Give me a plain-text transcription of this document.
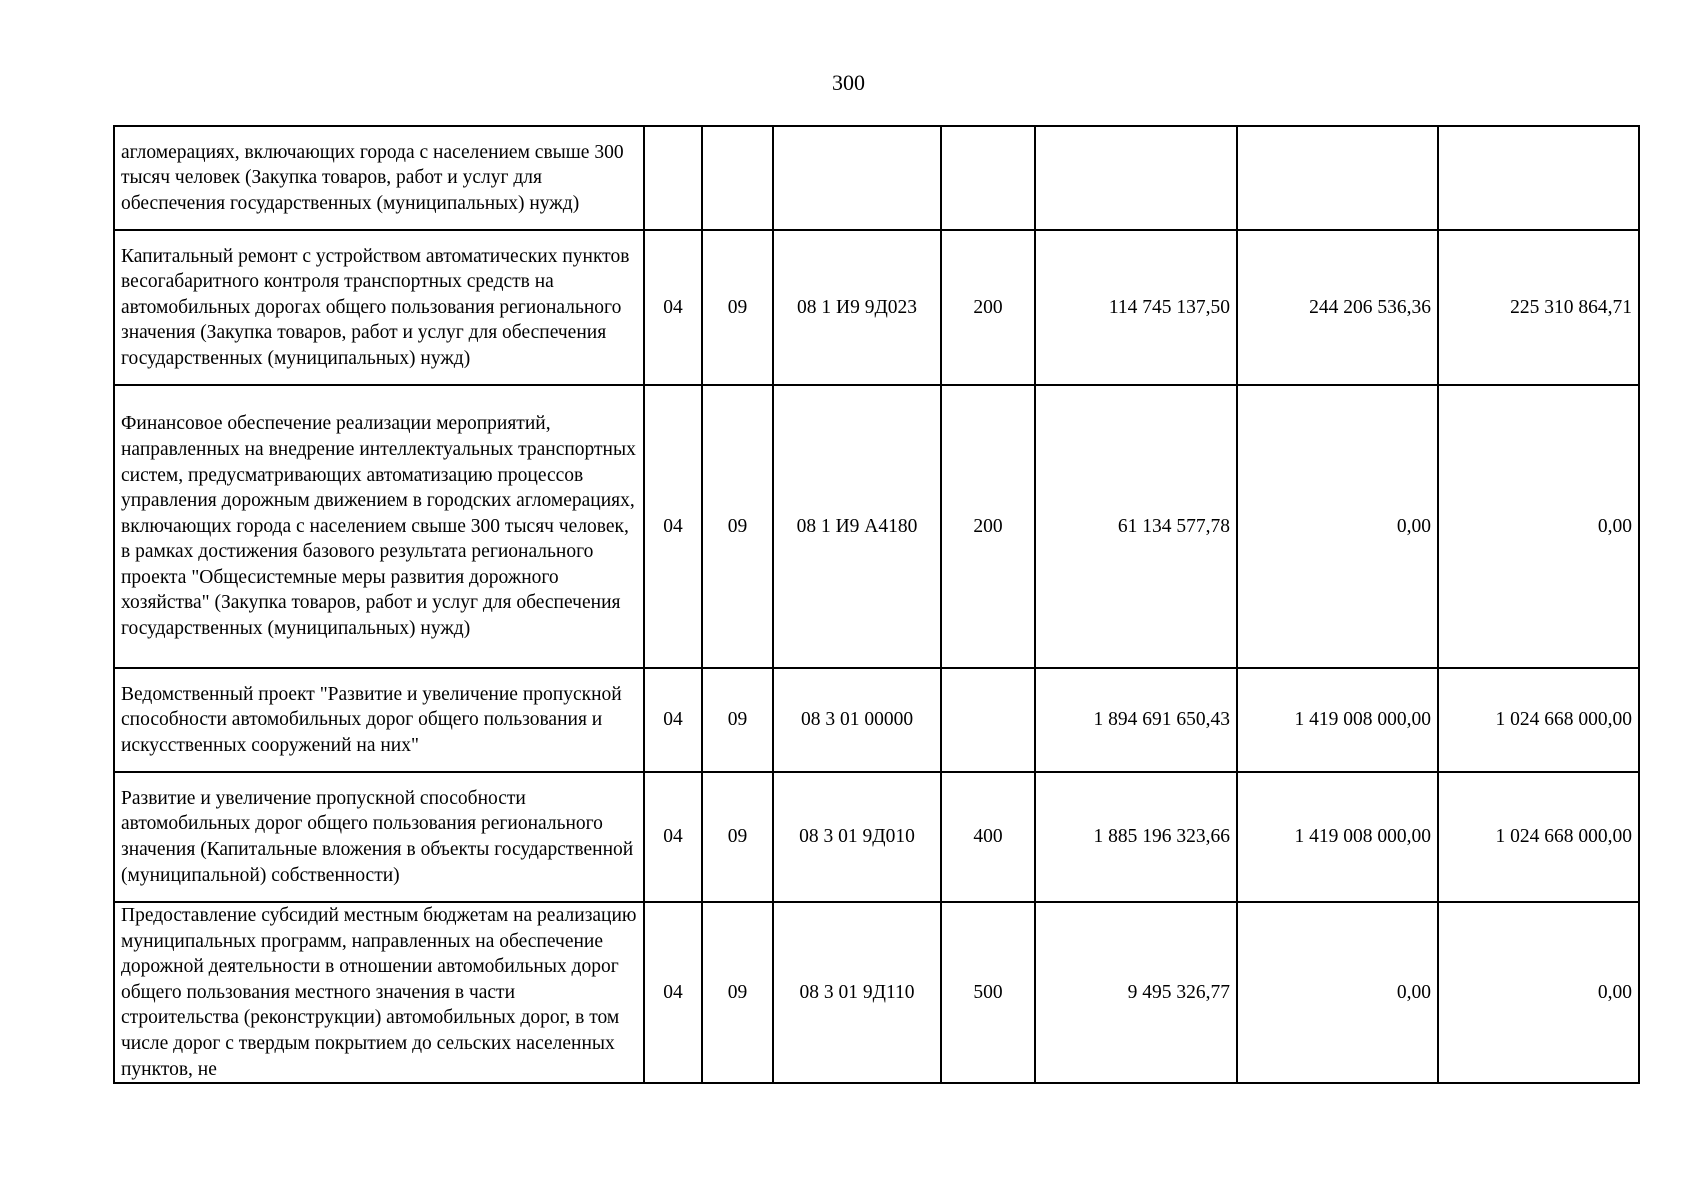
300
агломерациях, включающих города с населением свыше 300 тысяч человек (Закупка товаров, работ и услуг для обеспечения государственных (муниципальных) нужд)							
Капитальный ремонт с устройством автоматических пунктов весогабаритного контроля транспортных средств на автомобильных дорогах общего пользования регионального значения (Закупка товаров, работ и услуг для обеспечения государственных (муниципальных) нужд)	04	09	08 1 И9 9Д023	200	114 745 137,50	244 206 536,36	225 310 864,71
Финансовое обеспечение реализации мероприятий, направленных на внедрение интеллектуальных транспортных систем, предусматривающих автоматизацию процессов управления дорожным движением в городских агломерациях, включающих города с населением свыше 300 тысяч человек, в рамках достижения базового результата регионального проекта "Общесистемные меры развития дорожного хозяйства" (Закупка товаров, работ и услуг для обеспечения государственных (муниципальных) нужд)	04	09	08 1 И9 А4180	200	61 134 577,78	0,00	0,00
Ведомственный проект "Развитие и увеличение пропускной способности автомобильных дорог общего пользования и искусственных сооружений на них"	04	09	08 3 01 00000		1 894 691 650,43	1 419 008 000,00	1 024 668 000,00
Развитие и увеличение пропускной способности автомобильных дорог общего пользования регионального значения (Капитальные вложения в объекты государственной (муниципальной) собственности)	04	09	08 3 01 9Д010	400	1 885 196 323,66	1 419 008 000,00	1 024 668 000,00
Предоставление субсидий местным бюджетам на реализацию муниципальных программ, направленных на обеспечение дорожной деятельности в отношении автомобильных дорог общего пользования местного значения в части строительства (реконструкции) автомобильных дорог, в том числе дорог с твердым покрытием до сельских населенных пунктов, не	04	09	08 3 01 9Д110	500	9 495 326,77	0,00	0,00
